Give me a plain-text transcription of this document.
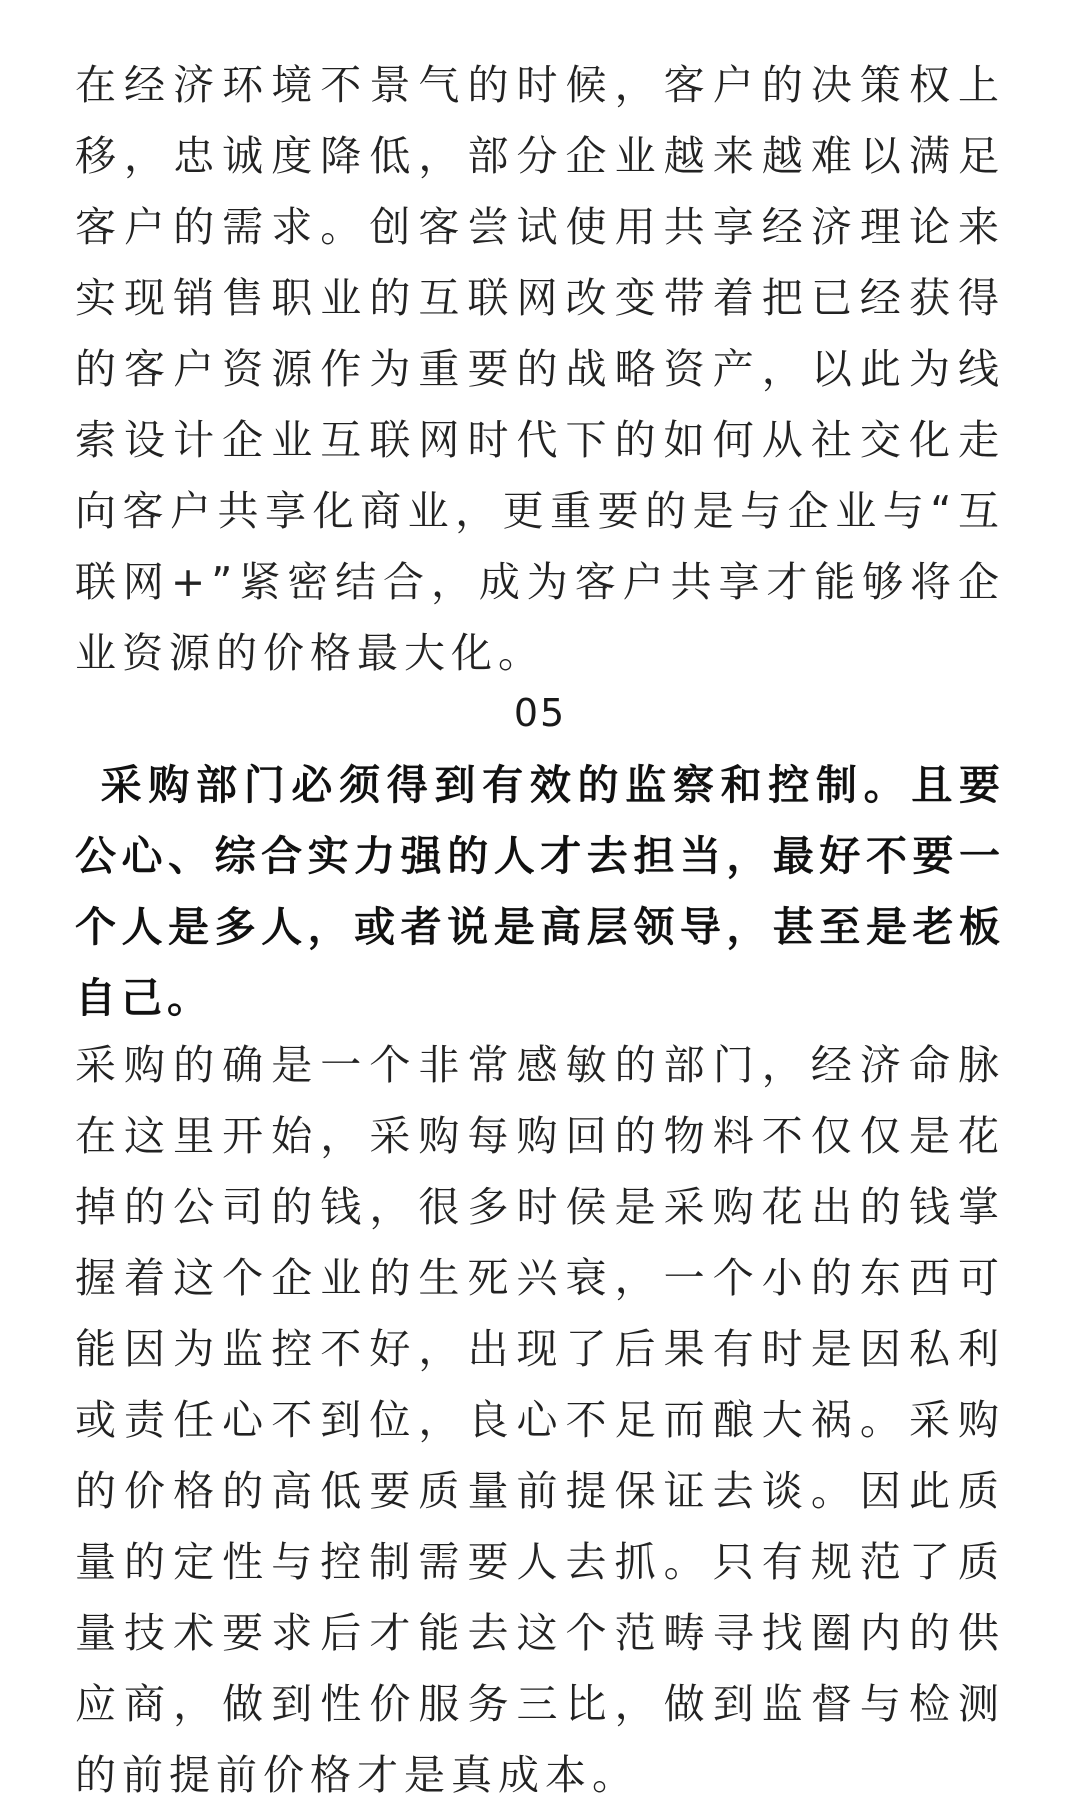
在经济环境不景气的时候，客户的决策权上移，忠诚度降低，部分企业越来越难以满足客户的需求。创客尝试使用共享经济理论来实现销售职业的互联网改变带着把已经获得的客户资源作为重要的战略资产，以此为线索设计企业互联网时代下的如何从社交化走向客户共享化商业，更重要的是与企业与“互联网+”紧密结合，成为客户共享才能够将企业资源的价格最大化。

05

采购部门必须得到有效的监察和控制。且要公心、综合实力强的人才去担当，最好不要一个人是多人，或者说是高层领导，甚至是老板自己。

采购的确是一个非常感敏的部门，经济命脉在这里开始，采购每购回的物料不仅仅是花掉的公司的钱，很多时侯是采购花出的钱掌握着这个企业的生死兴衰，一个小的东西可能因为监控不好，出现了后果有时是因私利或责任心不到位，良心不足而酿大祸。采购的价格的高低要质量前提保证去谈。因此质量的定性与控制需要人去抓。只有规范了质量技术要求后才能去这个范畴寻找圈内的供应商，做到性价服务三比，做到监督与检测的前提前价格才是真成本。
